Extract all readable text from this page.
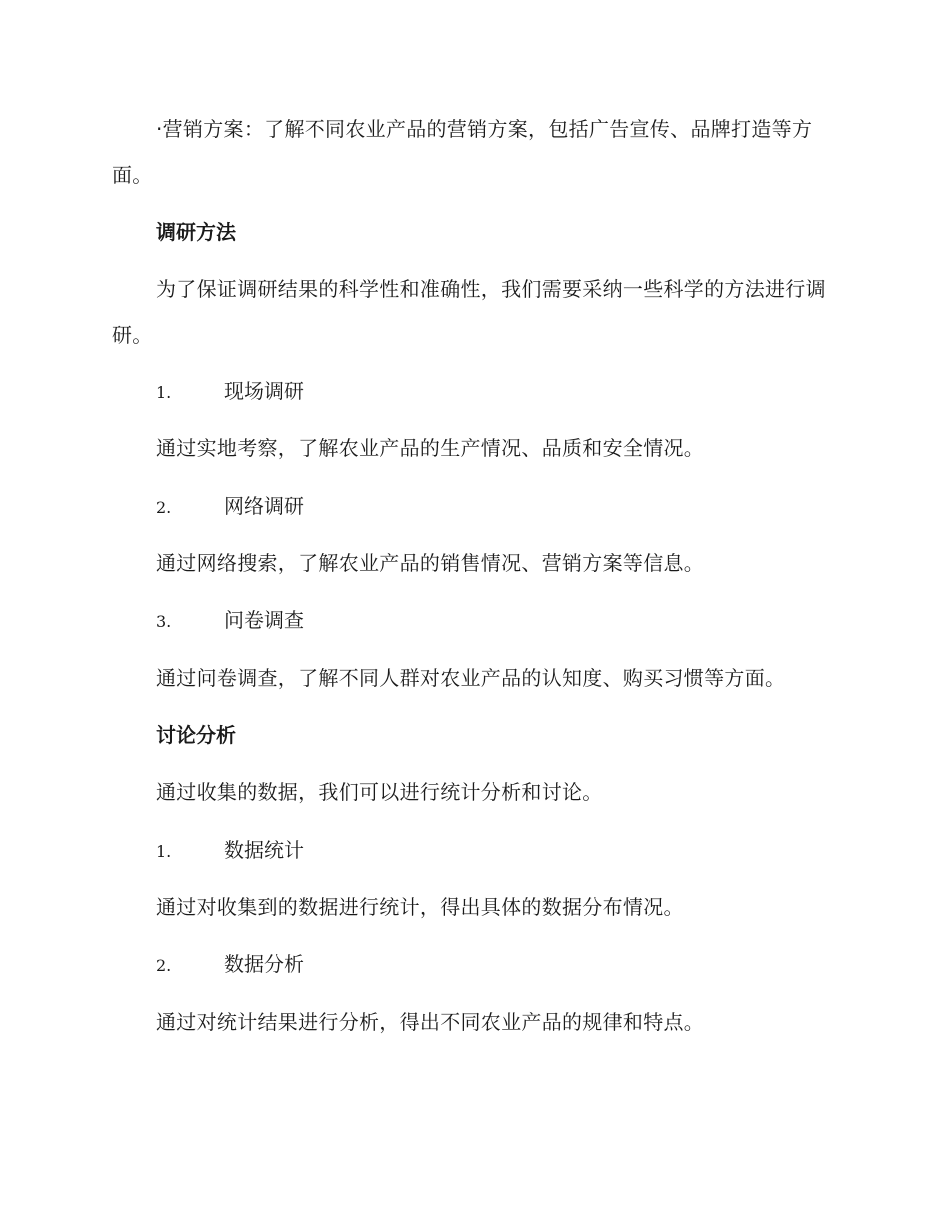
·营销方案：了解不同农业产品的营销方案，包括广告宣传、品牌打造等方面。

调研方法

为了保证调研结果的科学性和准确性，我们需要采纳一些科学的方法进行调研。

1.	现场调研
通过实地考察，了解农业产品的生产情况、品质和安全情况。
2.	网络调研
通过网络搜索，了解农业产品的销售情况、营销方案等信息。
3.	问卷调查
通过问卷调查，了解不同人群对农业产品的认知度、购买习惯等方面。
讨论分析
通过收集的数据，我们可以进行统计分析和讨论。
1.	数据统计
通过对收集到的数据进行统计，得出具体的数据分布情况。
2.	数据分析
通过对统计结果进行分析，得出不同农业产品的规律和特点。
